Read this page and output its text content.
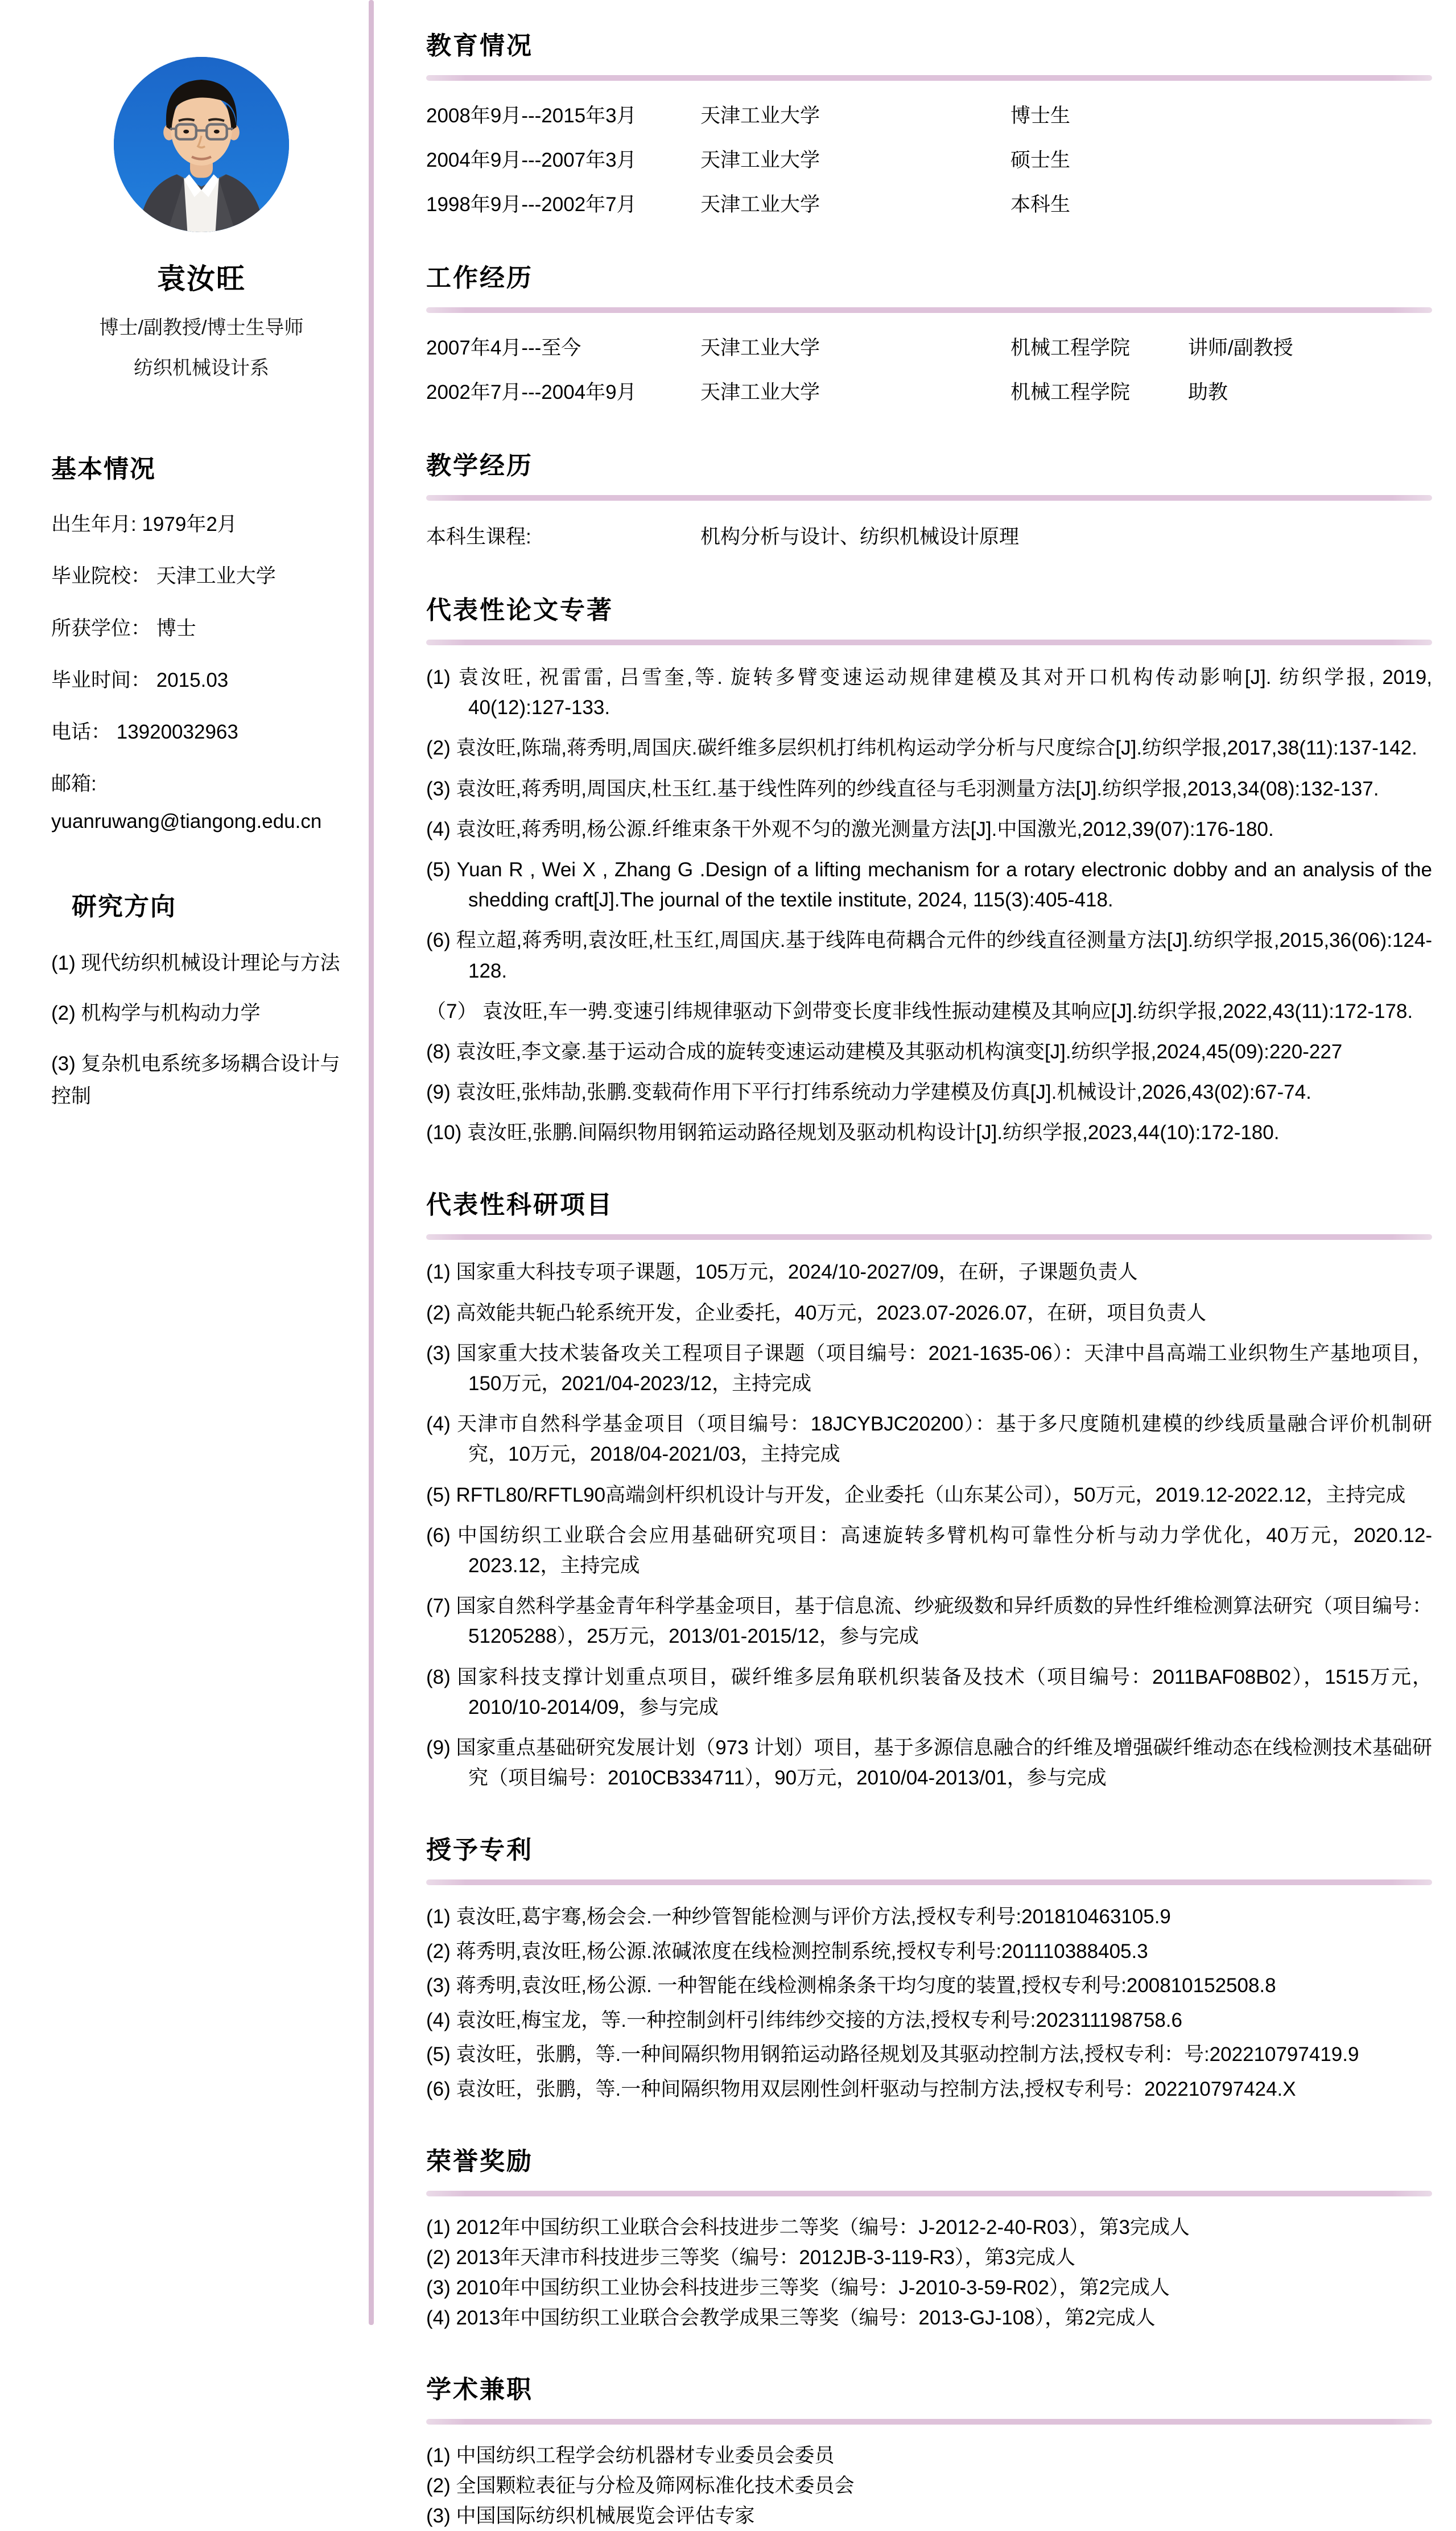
袁汝旺
博士/副教授/博士生导师
纺织机械设计系
基本情况
出生年月: 1979年2月
毕业院校： 天津工业大学
所获学位： 博士
毕业时间： 2015.03
电话： 13920032963
邮箱:
yuanruwang@tiangong.edu.cn
研究方向
(1) 现代纺织机械设计理论与方法
(2) 机构学与机构动力学
(3) 复杂机电系统多场耦合设计与控制
教育情况
2008年9月---2015年3月	天津工业大学	博士生
2004年9月---2007年3月	天津工业大学	硕士生
1998年9月---2002年7月	天津工业大学	本科生
工作经历
2007年4月---至今	天津工业大学	机械工程学院	讲师/副教授
2002年7月---2004年9月	天津工业大学	机械工程学院	助教
教学经历
本科生课程:	机构分析与设计、纺织机械设计原理
代表性论文专著
(1) 袁汝旺, 祝雷雷, 吕雪奎,等. 旋转多臂变速运动规律建模及其对开口机构传动影响[J]. 纺织学报, 2019, 40(12):127-133.
(2) 袁汝旺,陈瑞,蒋秀明,周国庆.碳纤维多层织机打纬机构运动学分析与尺度综合[J].纺织学报,2017,38(11):137-142.
(3) 袁汝旺,蒋秀明,周国庆,杜玉红.基于线性阵列的纱线直径与毛羽测量方法[J].纺织学报,2013,34(08):132-137.
(4) 袁汝旺,蒋秀明,杨公源.纤维束条干外观不匀的激光测量方法[J].中国激光,2012,39(07):176-180.
(5) Yuan R , Wei X , Zhang G .Design of a lifting mechanism for a rotary electronic dobby and an analysis of the shedding craft[J].The journal of the textile institute, 2024, 115(3):405-418.
(6) 程立超,蒋秀明,袁汝旺,杜玉红,周国庆.基于线阵电荷耦合元件的纱线直径测量方法[J].纺织学报,2015,36(06):124-128.
（7） 袁汝旺,车一骋.变速引纬规律驱动下剑带变长度非线性振动建模及其响应[J].纺织学报,2022,43(11):172-178.
(8) 袁汝旺,李文豪.基于运动合成的旋转变速运动建模及其驱动机构演变[J].纺织学报,2024,45(09):220-227
(9) 袁汝旺,张炜劼,张鹏.变载荷作用下平行打纬系统动力学建模及仿真[J].机械设计,2026,43(02):67-74.
(10) 袁汝旺,张鹏.间隔织物用钢筘运动路径规划及驱动机构设计[J].纺织学报,2023,44(10):172-180.
代表性科研项目
(1) 国家重大科技专项子课题，105万元，2024/10-2027/09，在研，子课题负责人
(2) 高效能共轭凸轮系统开发，企业委托，40万元，2023.07-2026.07，在研，项目负责人
(3) 国家重大技术装备攻关工程项目子课题（项目编号：2021-1635-06）：天津中昌高端工业织物生产基地项目，150万元，2021/04-2023/12，主持完成
(4) 天津市自然科学基金项目（项目编号：18JCYBJC20200）：基于多尺度随机建模的纱线质量融合评价机制研究，10万元，2018/04-2021/03，主持完成
(5) RFTL80/RFTL90高端剑杆织机设计与开发，企业委托（山东某公司），50万元，2019.12-2022.12，主持完成
(6) 中国纺织工业联合会应用基础研究项目：高速旋转多臂机构可靠性分析与动力学优化，40万元，2020.12-2023.12，主持完成
(7) 国家自然科学基金青年科学基金项目，基于信息流、纱疵级数和异纤质数的异性纤维检测算法研究（项目编号：51205288），25万元，2013/01-2015/12，参与完成
(8) 国家科技支撑计划重点项目，碳纤维多层角联机织装备及技术（项目编号：2011BAF08B02），1515万元，2010/10-2014/09，参与完成
(9) 国家重点基础研究发展计划（973 计划）项目，基于多源信息融合的纤维及增强碳纤维动态在线检测技术基础研究（项目编号：2010CB334711），90万元，2010/04-2013/01，参与完成
授予专利
(1) 袁汝旺,葛宇骞,杨会会.一种纱管智能检测与评价方法,授权专利号:201810463105.9
(2) 蒋秀明,袁汝旺,杨公源.浓碱浓度在线检测控制系统,授权专利号:201110388405.3
(3) 蒋秀明,袁汝旺,杨公源. 一种智能在线检测棉条条干均匀度的装置,授权专利号:200810152508.8
(4) 袁汝旺,梅宝龙，等.一种控制剑杆引纬纬纱交接的方法,授权专利号:202311198758.6
(5) 袁汝旺，张鹏，等.一种间隔织物用钢筘运动路径规划及其驱动控制方法,授权专利：号:202210797419.9
(6) 袁汝旺，张鹏，等.一种间隔织物用双层刚性剑杆驱动与控制方法,授权专利号：202210797424.X
荣誉奖励
(1) 2012年中国纺织工业联合会科技进步二等奖（编号：J-2012-2-40-R03），第3完成人
(2) 2013年天津市科技进步三等奖（编号：2012JB-3-119-R3），第3完成人
(3) 2010年中国纺织工业协会科技进步三等奖（编号：J-2010-3-59-R02），第2完成人
(4) 2013年中国纺织工业联合会教学成果三等奖（编号：2013-GJ-108），第2完成人
学术兼职
(1) 中国纺织工程学会纺机器材专业委员会委员
(2) 全国颗粒表征与分检及筛网标准化技术委员会
(3) 中国国际纺织机械展览会评估专家
